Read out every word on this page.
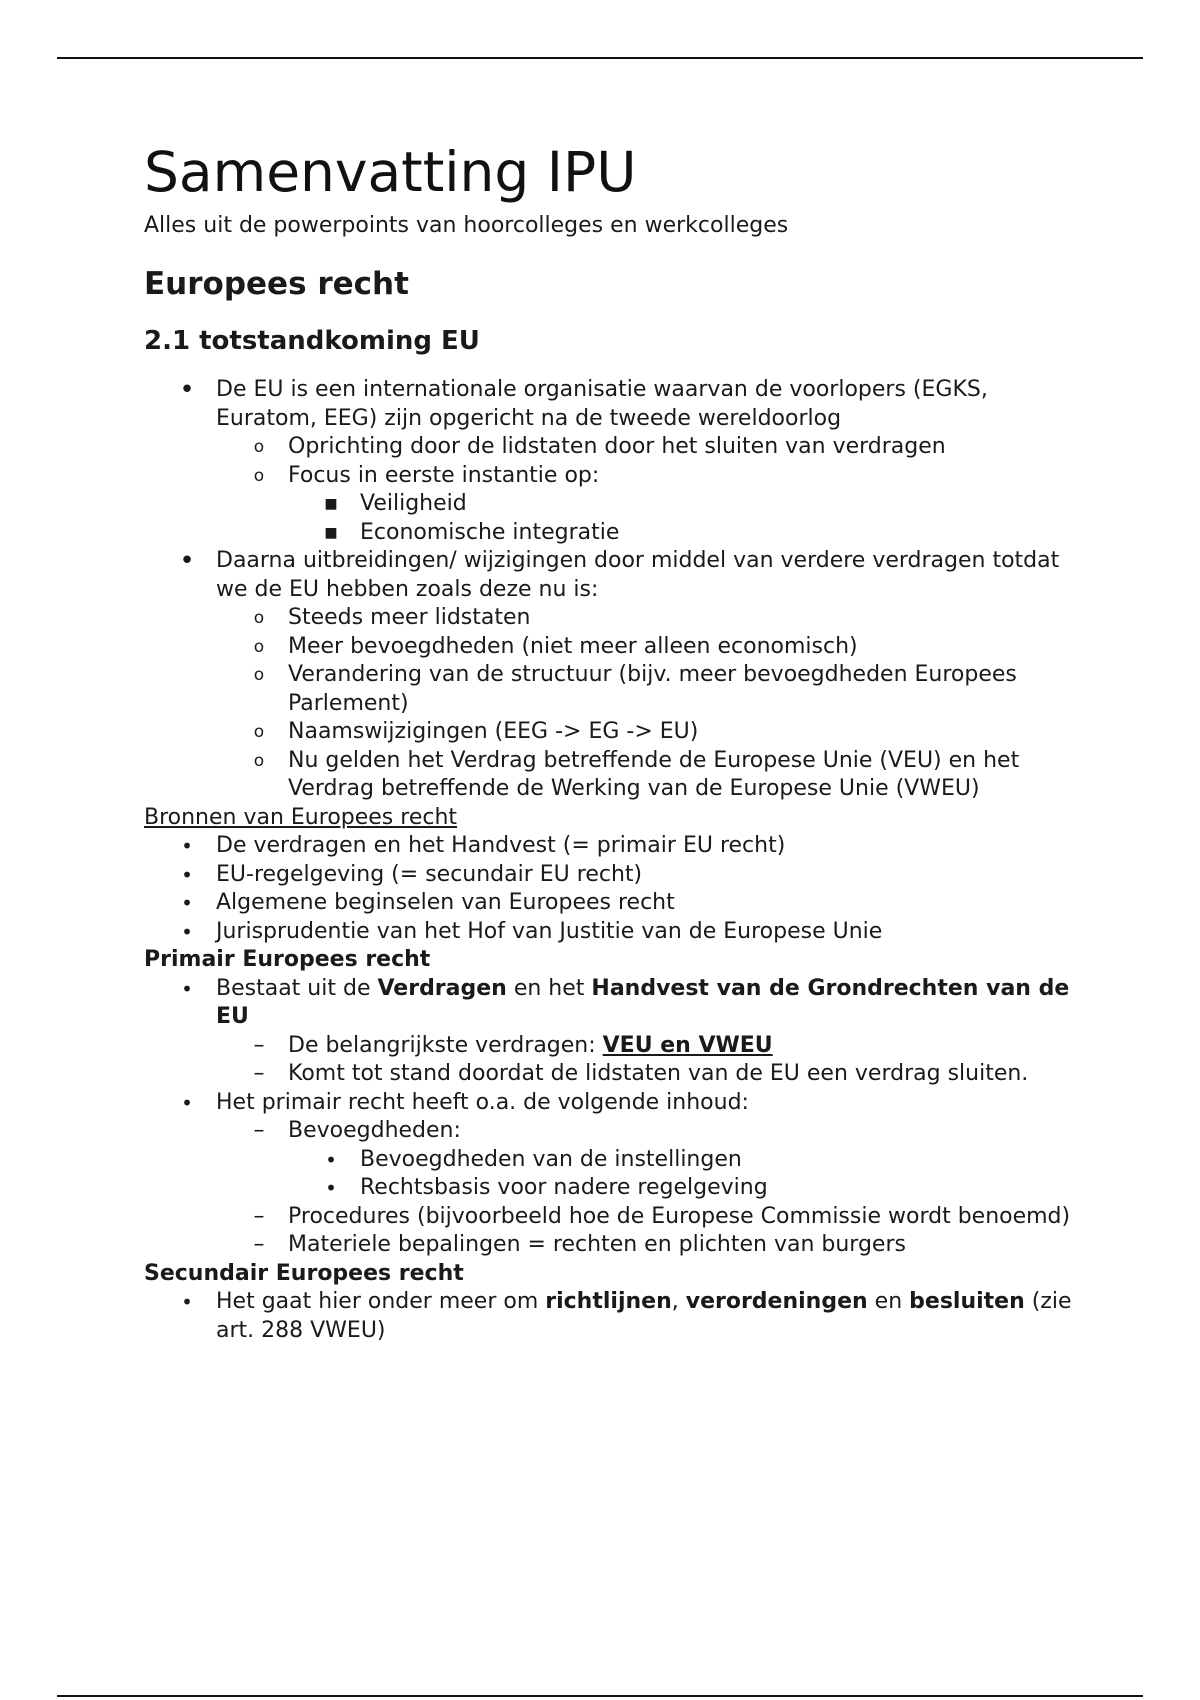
Samenvatting IPU

Alles uit de powerpoints van hoorcolleges en werkcolleges

Europees recht
2.1 totstandkoming EU
• De EU is een internationale organisatie waarvan de voorlopers (EGKS, Euratom, EEG) zijn opgericht na de tweede wereldoorlog
o	Oprichting door de lidstaten door het sluiten van verdragen
o	Focus in eerste instantie op:
■	Veiligheid
■	Economische integratie
• Daarna uitbreidingen/ wijzigingen door middel van verdere verdragen totdat we de EU hebben zoals deze nu is:
o	Steeds meer lidstaten
o	Meer bevoegdheden (niet meer alleen economisch)
o	Verandering van de structuur (bijv. meer bevoegdheden Europees Parlement)
o	Naamswijzigingen (EEG -> EG -> EU)
o	Nu gelden het Verdrag betreffende de Europese Unie (VEU) en het Verdrag betreffende de Werking van de Europese Unie (VWEU)

Bronnen van Europees recht

•	De verdragen en het Handvest (= primair EU recht)
•	EU-regelgeving (= secundair EU recht)
•	Algemene beginselen van Europees recht
•	Jurisprudentie van het Hof van Justitie van de Europese Unie

Primair Europees recht

•	Bestaat uit de Verdragen en het Handvest van de Grondrechten van de EU
–	De belangrijkste verdragen: VEU en VWEU
–	Komt tot stand doordat de lidstaten van de EU een verdrag sluiten.
•	Het primair recht heeft o.a. de volgende inhoud:
–	Bevoegdheden:
•	Bevoegdheden van de instellingen
•	Rechtsbasis voor nadere regelgeving
–	Procedures (bijvoorbeeld hoe de Europese Commissie wordt benoemd)
–	Materiele bepalingen = rechten en plichten van burgers

Secundair Europees recht

•	Het gaat hier onder meer om richtlijnen, verordeningen en besluiten (zie art. 288 VWEU)
